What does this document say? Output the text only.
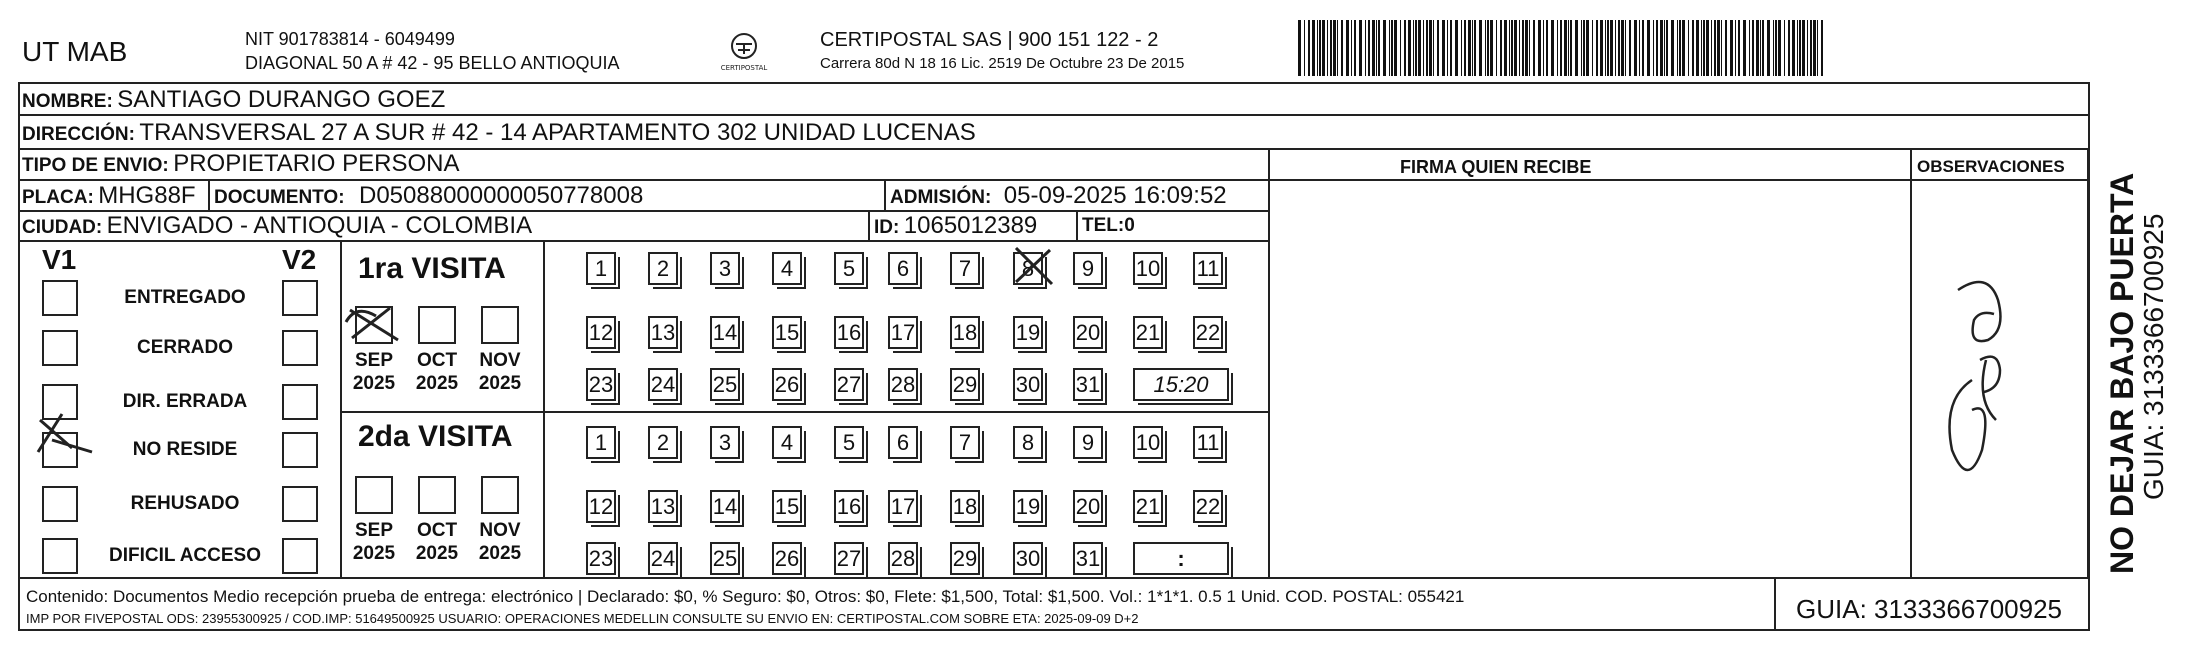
UT MAB	NIT 901783814 - 6049499
DIAGONAL 50 A # 42 - 95 BELLO ANTIOQUIA	CERTIPOSTAL
CERTIPOSTAL SAS | 900 151 122 - 2
Carrera 80d N 18 16 Lic. 2519 De Octubre 23 De 2015
NOMBRE: SANTIAGO DURANGO GOEZ
DIRECCIÓN: TRANSVERSAL 27 A SUR # 42 - 14 APARTAMENTO 302 UNIDAD LUCENAS
TIPO DE ENVIO: PROPIETARIO PERSONA	FIRMA QUIEN RECIBE	OBSERVACIONES
PLACA: MHG88F DOCUMENTO: D05088000000050778008	ADMISIÓN: 05-09-2025 16:09:52
CIUDAD: ENVIGADO - ANTIOQUIA - COLOMBIA	ID: 1065012389 TEL:0
V1	V2
ENTREGADO
CERRADO
DIR. ERRADA
NO RESIDE
REHUSADO
DIFICIL ACCESO
1ra VISITA
2da VISITA
SEP
2025
OCT
2025
NOV
2025
SEP
2025
OCT
2025
NOV
2025
1	2	3	4	5	6	7	8	9	10 11
12 13 14 15 16 17 18 19 20 21 22
23 24 25 26 27 28 29 30 31	15:20
1	2	3	4	5	6	7	8	9	10 11
12 13 14 15 16 17 18 19 20 21 22
23 24 25 26 27 28 29 30 31	:
Contenido: Documentos Medio recepción prueba de entrega: electrónico | Declarado: $0, % Seguro: $0, Otros: $0, Flete: $1,500, Total: $1,500. Vol.: 1*1*1. 0.5 1 Unid. COD. POSTAL: 055421
IMP POR FIVEPOSTAL ODS: 23955300925 / COD.IMP: 51649500925 USUARIO: OPERACIONES MEDELLIN CONSULTE SU ENVIO EN: CERTIPOSTAL.COM SOBRE ETA: 2025-09-09 D+2	GUIA: 3133366700925
NO DEJAR BAJO PUERTA
GUIA: 3133366700925
